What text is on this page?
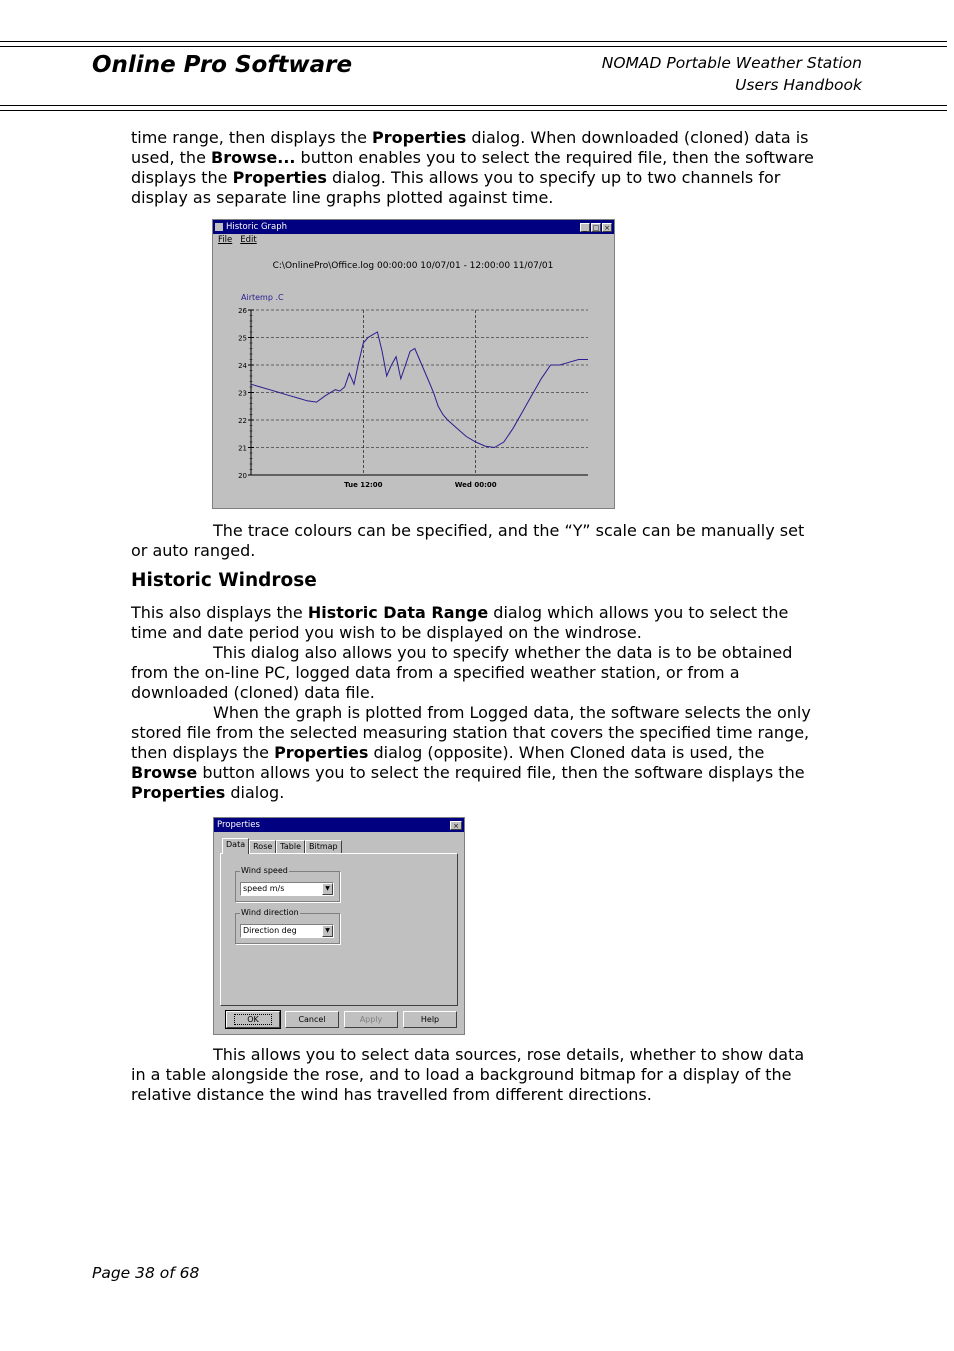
Online Pro Software	NOMAD Portable Weather Station
Users Handbook

time range, then displays the Properties dialog. When downloaded (cloned) data is used, the Browse... button enables you to select the required file, then the software displays the Properties dialog. This allows you to specify up to two channels for display as separate line graphs plotted against time.

Historic Graph	_ □ ×
File Edit
C:\OnlinePro\Office.log 00:00:00 10/07/01 - 12:00:00 11/07/01
Airtemp .C
26
25
24
23
22
21
20
Tue 12:00	Wed 00:00

The trace colours can be specified, and the “Y” scale can be manually set or auto ranged.

Historic Windrose

This also displays the Historic Data Range dialog which allows you to select the time and date period you wish to be displayed on the windrose.

This dialog also allows you to specify whether the data is to be obtained from the on-line PC, logged data from a specified weather station, or from a downloaded (cloned) data file.

When the graph is plotted from Logged data, the software selects the only stored file from the selected measuring station that covers the specified time range, then displays the Properties dialog (opposite). When Cloned data is used, the Browse button allows you to select the required file, then the software displays the Properties dialog.

Properties	×
Data	Rose	Table	Bitmap
Wind speed
speed m/s	▼
Wind direction
Direction deg	▼
OK	Cancel	Apply	Help

This allows you to select data sources, rose details, whether to show data in a table alongside the rose, and to load a background bitmap for a display of the relative distance the wind has travelled from different directions.

Page 38 of 68
